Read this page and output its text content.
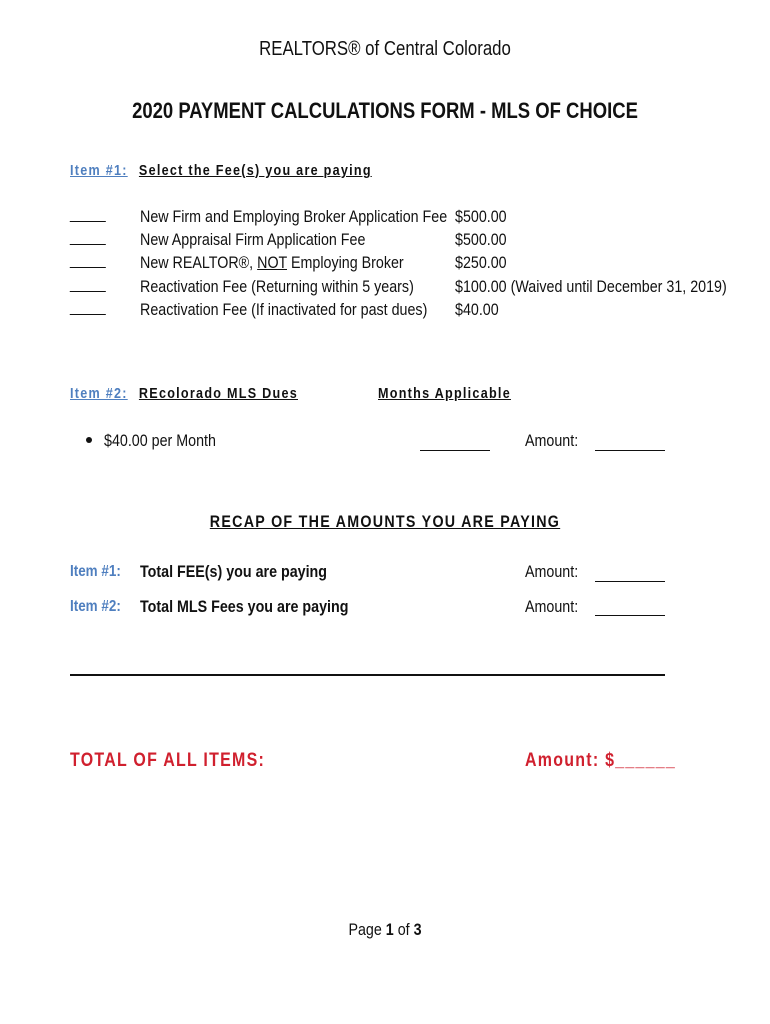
REALTORS® of Central Colorado
2020 PAYMENT CALCULATIONS FORM - MLS OF CHOICE
Item #1: Select the Fee(s) you are paying
____ New Firm and Employing Broker Application Fee $500.00
____ New Appraisal Firm Application Fee	$500.00
____ New REALTOR®, NOT Employing Broker	$250.00
____ Reactivation Fee (Returning within 5 years) $100.00 (Waived until December 31, 2019)
____ Reactivation Fee (If inactivated for past dues) $40.00
Item #2: REcolorado MLS Dues	Months Applicable
$40.00 per Month	Amount:
RECAP OF THE AMOUNTS YOU ARE PAYING
Item #1: Total FEE(s) you are paying	Amount:
Item #2: Total MLS Fees you are paying	Amount:
TOTAL OF ALL ITEMS:	Amount: $______
Page 1 of 3
